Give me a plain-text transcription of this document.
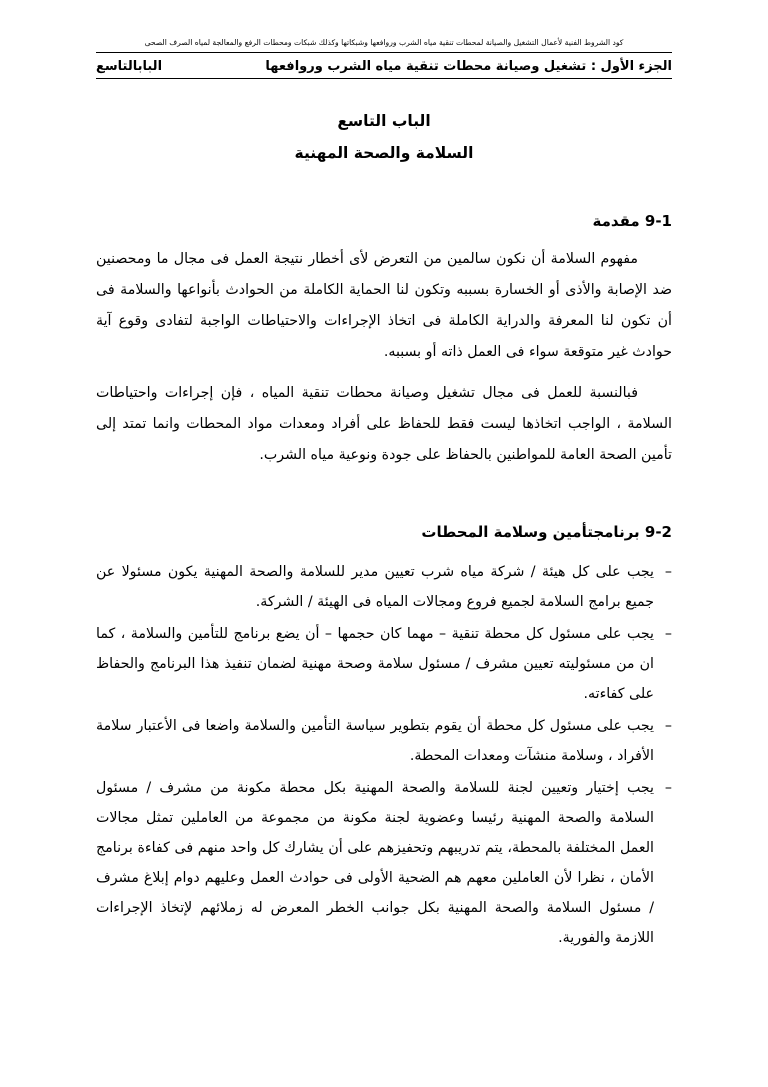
كود الشروط الفنية لأعمال التشغيل والصيانة لمحطات تنقية مياه الشرب وروافعها وشبكاتها وكذلك شبكات ومحطات الرفع والمعالجة لمياه الصرف الصحى
الجزء الأول : تشغيل وصيانة محطات تنقية مياه الشرب وروافعها
البابالتاسع
الباب التاسع
السلامة والصحة المهنية
9-1 مقدمة

مفهوم السلامة أن نكون سالمين من التعرض لأى أخطار نتيجة العمل فى مجال ما ومحصنين ضد الإصابة والأذى أو الخسارة بسببه وتكون لنا الحماية الكاملة من الحوادث بأنواعها والسلامة فى أن تكون لنا المعرفة والدراية الكاملة فى اتخاذ الإجراءات والاحتياطات الواجبة لتفادى وقوع آية حوادث غير متوقعة سواء فى العمل ذاته أو بسببه.

فبالنسبة للعمل فى مجال تشغيل وصيانة محطات تنقية المياه ، فإن إجراءات واحتياطات السلامة ، الواجب اتخاذها ليست فقط للحفاظ على أفراد ومعدات مواد المحطات وانما تمتد إلى تأمين الصحة العامة للمواطنين بالحفاظ على جودة ونوعية مياه الشرب.

9-2 برنامجتأمين وسلامة المحطات
–
يجب على كل هيئة / شركة مياه شرب تعيين مدير للسلامة والصحة المهنية يكون مسئولا عن جميع برامج السلامة لجميع فروع ومجالات المياه فى الهيئة / الشركة.
–
يجب على مسئول كل محطة تنقية – مهما كان حجمها – أن يضع برنامج للتأمين والسلامة ، كما ان من مسئوليته تعيين مشرف / مسئول سلامة وصحة مهنية لضمان تنفيذ هذا البرنامج والحفاظ على كفاءته.
–
يجب على مسئول كل محطة أن يقوم بتطوير سياسة التأمين والسلامة واضعا فى الأعتبار سلامة الأفراد ، وسلامة منشآت ومعدات المحطة.
–
يجب إختيار وتعيين لجنة للسلامة والصحة المهنية بكل محطة مكونة من مشرف / مسئول السلامة والصحة المهنية رئيسا وعضوية لجنة مكونة من مجموعة من العاملين تمثل مجالات العمل المختلفة بالمحطة، يتم تدريبهم وتحفيزهم على أن يشارك كل واحد منهم فى كفاءة برنامج الأمان ، نظرا لأن العاملين معهم هم الضحية الأولى فى حوادث العمل وعليهم دوام إبلاغ مشرف / مسئول السلامة والصحة المهنية بكل جوانب الخطر المعرض له زملائهم لإتخاذ الإجراءات اللازمة والفورية.
